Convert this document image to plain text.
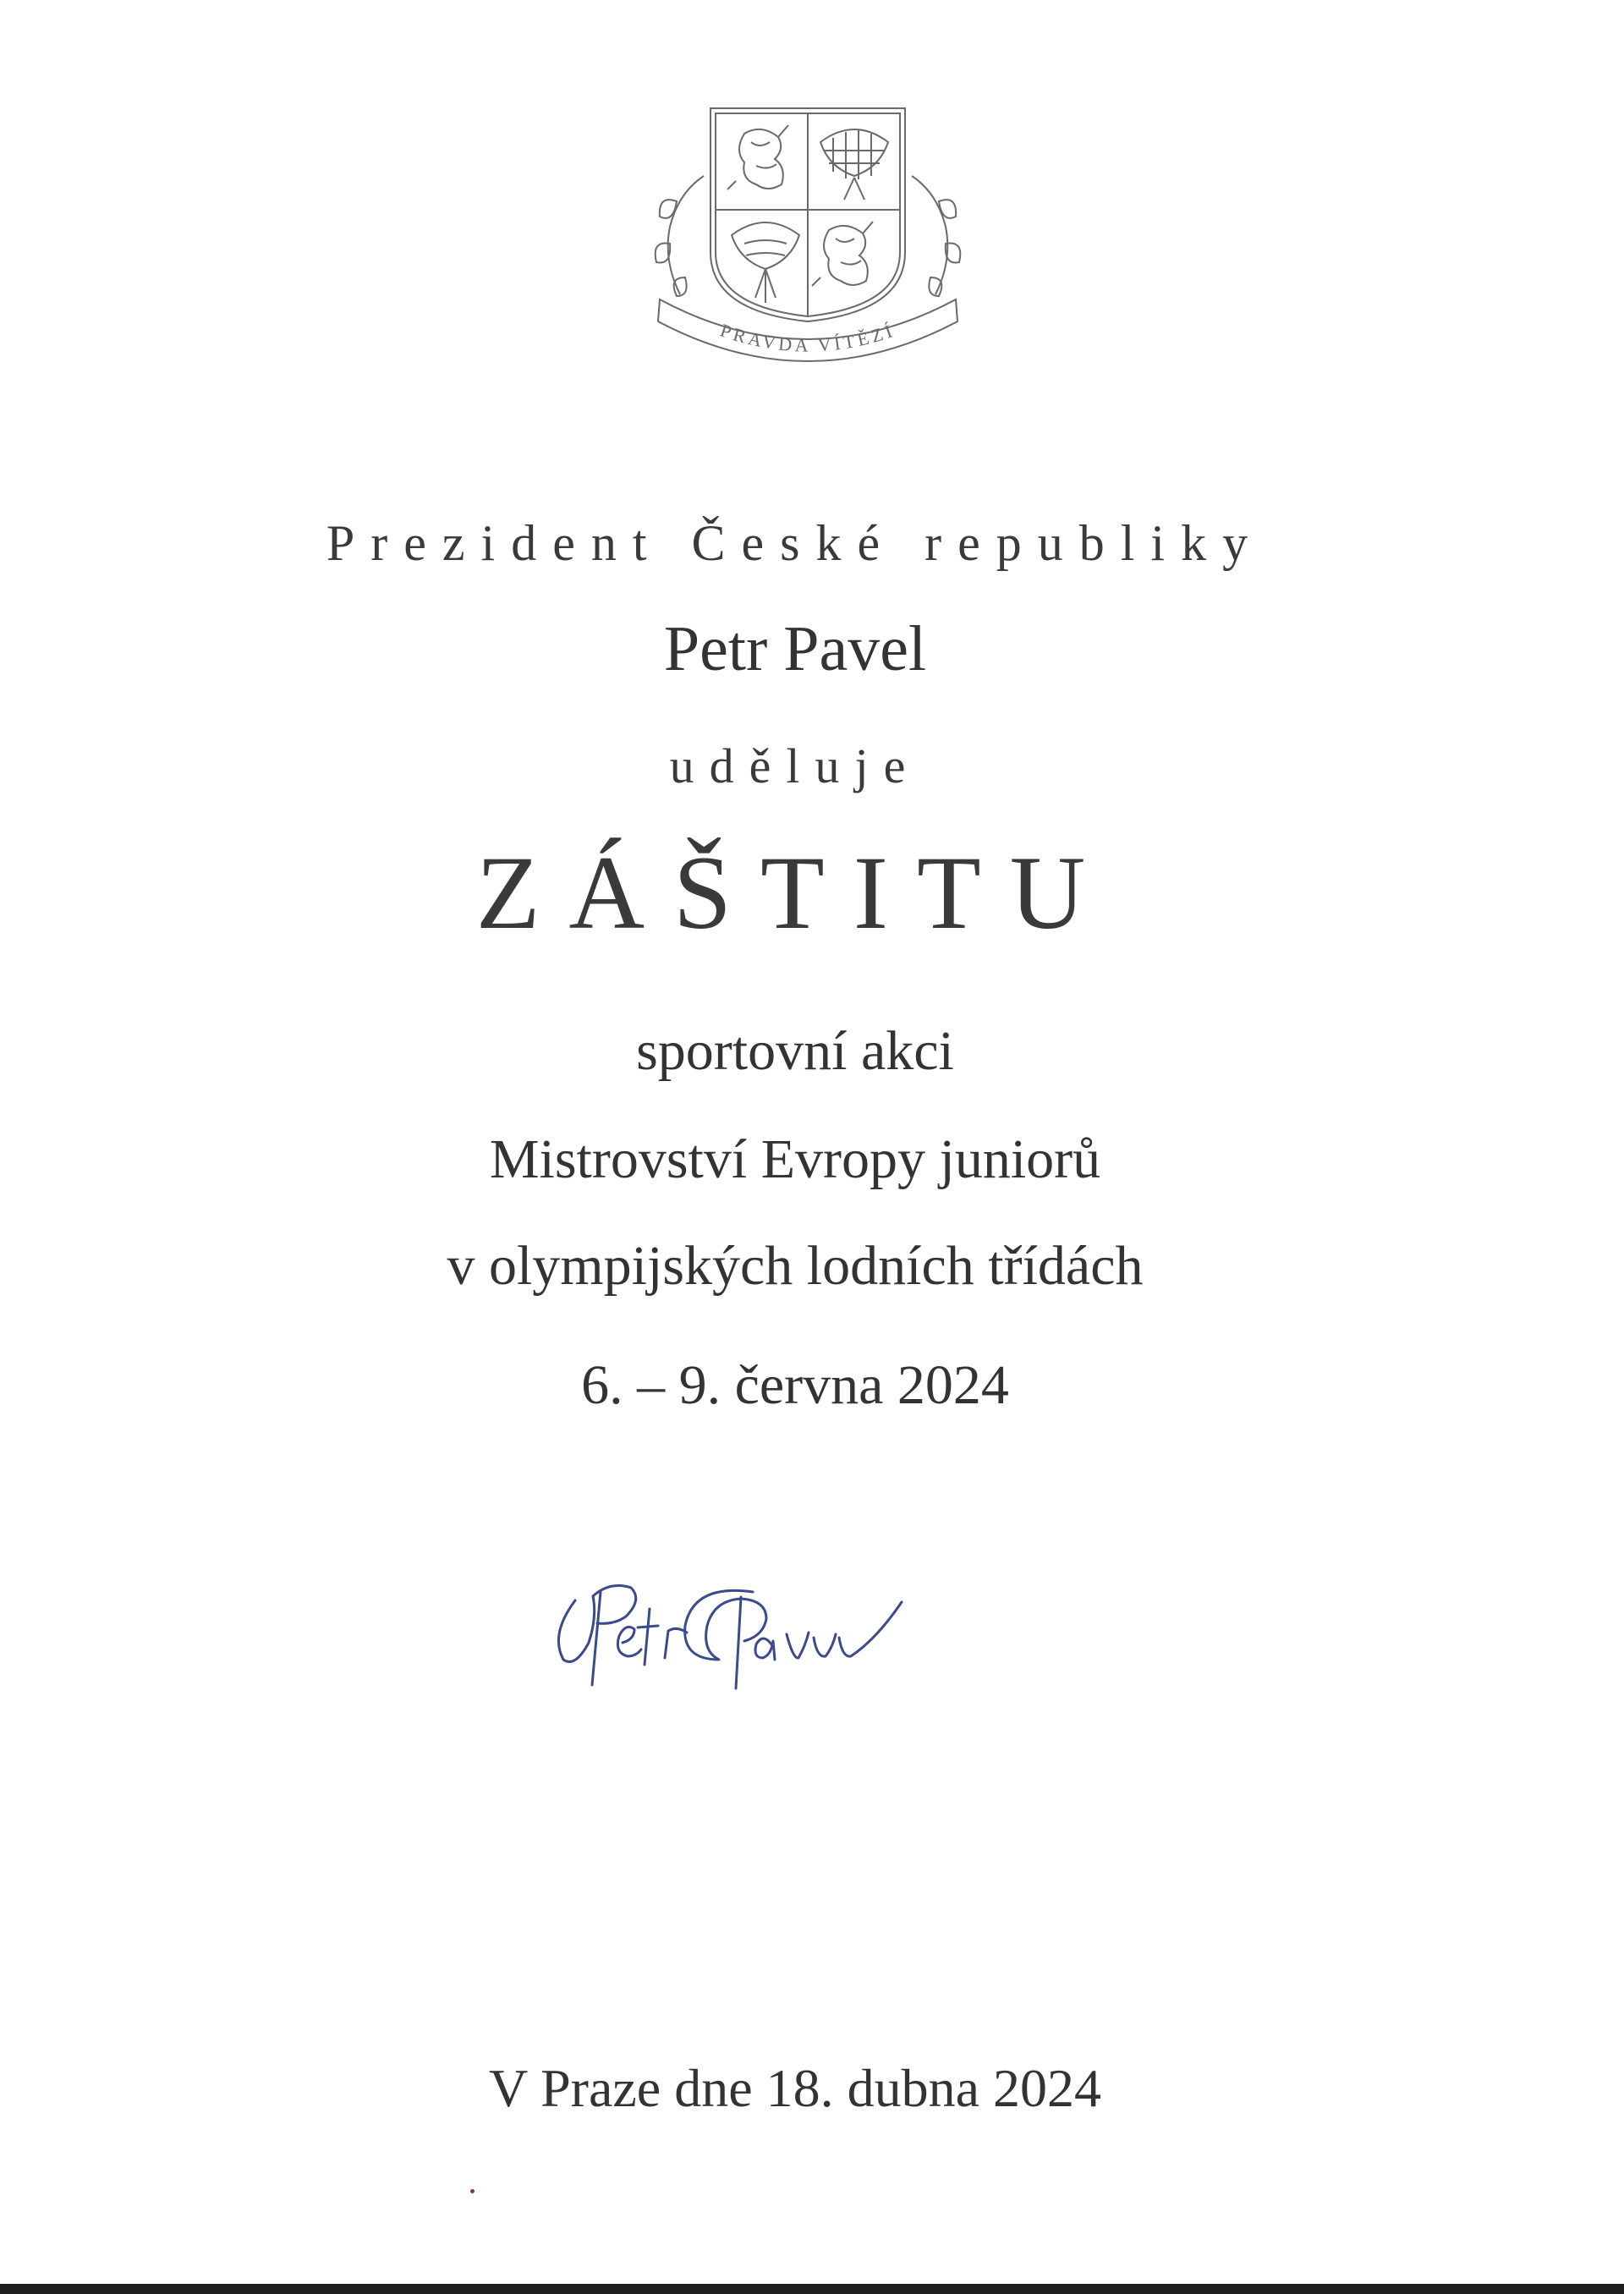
PRAVDA VÍTĚZÍ
Prezident České republiky
Petr Pavel
uděluje
ZÁŠTITU
sportovní akci
Mistrovství Evropy juniorů
v olympijských lodních třídách
6. – 9. června 2024
V Praze dne 18. dubna 2024
